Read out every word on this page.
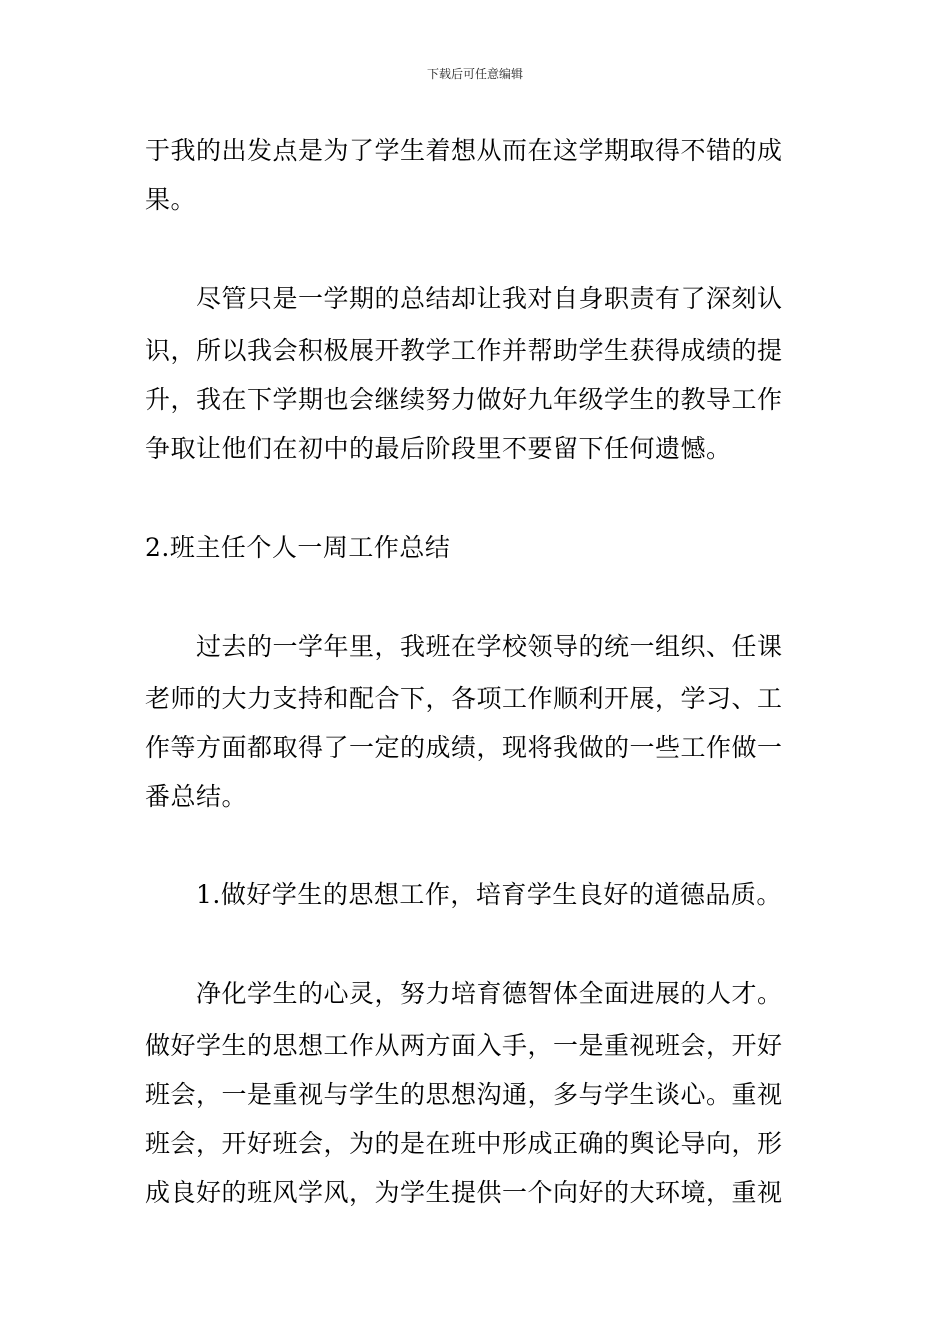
下载后可任意编辑
于我的出发点是为了学生着想从而在这学期取得不错的成
果。
尽管只是一学期的总结却让我对自身职责有了深刻认
识，所以我会积极展开教学工作并帮助学生获得成绩的提
升，我在下学期也会继续努力做好九年级学生的教导工作
争取让他们在初中的最后阶段里不要留下任何遗憾。
2.班主任个人一周工作总结
过去的一学年里，我班在学校领导的统一组织、任课
老师的大力支持和配合下，各项工作顺利开展，学习、工
作等方面都取得了一定的成绩，现将我做的一些工作做一
番总结。
1.做好学生的思想工作，培育学生良好的道德品质。
净化学生的心灵，努力培育德智体全面进展的人才。
做好学生的思想工作从两方面入手，一是重视班会，开好
班会，一是重视与学生的思想沟通，多与学生谈心。重视
班会，开好班会，为的是在班中形成正确的舆论导向，形
成良好的班风学风，为学生提供一个向好的大环境，重视
